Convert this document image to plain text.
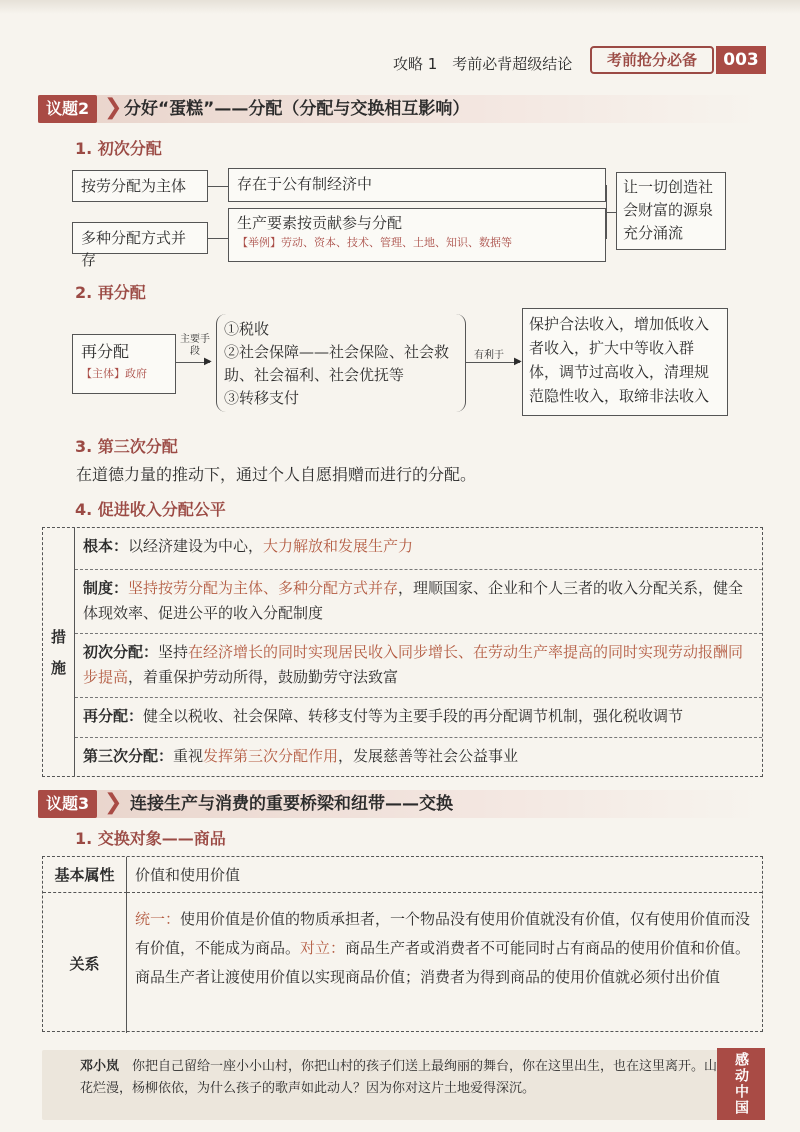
攻略 1　考前必背超级结论	考前抢分必备	003
议题2 ❯ 分好“蛋糕”——分配（分配与交换相互影响）
1. 初次分配
按劳分配为主体	存在于公有制经济中
多种分配方式并存
生产要素按贡献参与分配
【举例】劳动、资本、技术、管理、土地、知识、数据等
让一切创造社会财富的源泉充分涌流
2. 再分配
再分配
【主体】政府
主要手段
▶
①税收
②社会保障——社会保险、社会救助、社会福利、社会优抚等
③转移支付
有利于
▶
保护合法收入，增加低收入者收入，扩大中等收入群体，调节过高收入，清理规范隐性收入，取缔非法收入
3. 第三次分配
在道德力量的推动下，通过个人自愿捐赠而进行的分配。
4. 促进收入分配公平
措
施
根本：以经济建设为中心，大力解放和发展生产力
制度：坚持按劳分配为主体、多种分配方式并存，理顺国家、企业和个人三者的收入分配关系，健全体现效率、促进公平的收入分配制度
初次分配：坚持在经济增长的同时实现居民收入同步增长、在劳动生产率提高的同时实现劳动报酬同步提高，着重保护劳动所得，鼓励勤劳守法致富
再分配：健全以税收、社会保障、转移支付等为主要手段的再分配调节机制，强化税收调节
第三次分配：重视发挥第三次分配作用，发展慈善等社会公益事业
议题3 ❯ 连接生产与消费的重要桥梁和纽带——交换
1. 交换对象——商品
基本属性	价值和使用价值
关系
统一：使用价值是价值的物质承担者，一个物品没有使用价值就没有价值，仅有使用价值而没有价值，不能成为商品。对立：商品生产者或消费者不可能同时占有商品的使用价值和价值。商品生产者让渡使用价值以实现商品价值；消费者为得到商品的使用价值就必须付出价值
邓小岚　 你把自己留给一座小小山村，你把山村的孩子们送上最绚丽的舞台，你在这里出生，也在这里离开。山花烂漫，杨柳依依，为什么孩子的歌声如此动人？因为你对这片土地爱得深沉。	感动中国
